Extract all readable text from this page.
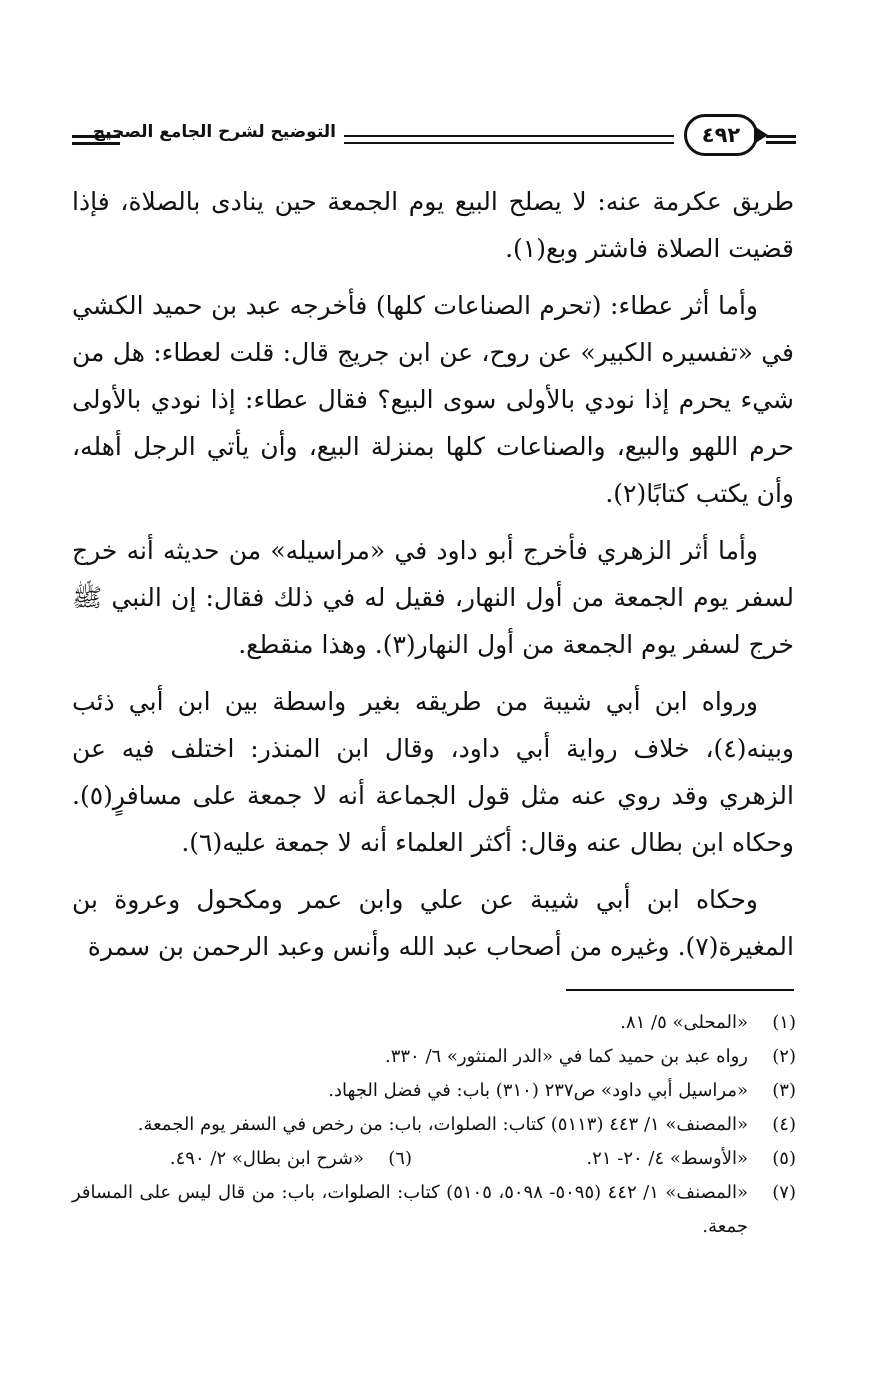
التوضيح لشرح الجامع الصحيح	٤٩٢

طريق عكرمة عنه: لا يصلح البيع يوم الجمعة حين ينادى بالصلاة، فإذا قضيت الصلاة فاشتر وبع(١).

وأما أثر عطاء: (تحرم الصناعات كلها) فأخرجه عبد بن حميد الكشي في «تفسيره الكبير» عن روح، عن ابن جريج قال: قلت لعطاء: هل من شيء يحرم إذا نودي بالأولى سوى البيع؟ فقال عطاء: إذا نودي بالأولى حرم اللهو والبيع، والصناعات كلها بمنزلة البيع، وأن يأتي الرجل أهله، وأن يكتب كتابًا(٢).

وأما أثر الزهري فأخرج أبو داود في «مراسيله» من حديثه أنه خرج لسفر يوم الجمعة من أول النهار، فقيل له في ذلك فقال: إن النبي ﷺ خرج لسفر يوم الجمعة من أول النهار(٣). وهذا منقطع.

ورواه ابن أبي شيبة من طريقه بغير واسطة بين ابن أبي ذئب وبينه(٤)، خلاف رواية أبي داود، وقال ابن المنذر: اختلف فيه عن الزهري وقد روي عنه مثل قول الجماعة أنه لا جمعة على مسافرٍ(٥). وحكاه ابن بطال عنه وقال: أكثر العلماء أنه لا جمعة عليه(٦).

وحكاه ابن أبي شيبة عن علي وابن عمر ومكحول وعروة بن المغيرة(٧). وغيره من أصحاب عبد الله وأنس وعبد الرحمن بن سمرة

(١)
«المحلى» ٥/ ٨١.
(٢)
رواه عبد بن حميد كما في «الدر المنثور» ٦/ ٣٣٠.
(٣)
«مراسيل أبي داود» ص٢٣٧ (٣١٠) باب: في فضل الجهاد.
(٤)
«المصنف» ١/ ٤٤٣ (٥١١٣) كتاب: الصلوات، باب: من رخص في السفر يوم الجمعة.
(٥)
«الأوسط» ٤/ ٢٠- ٢١.
(٦)
«شرح ابن بطال» ٢/ ٤٩٠.
(٧)
«المصنف» ١/ ٤٤٢ (٥٠٩٥- ٥٠٩٨، ٥١٠٥) كتاب: الصلوات، باب: من قال ليس على المسافر جمعة.
